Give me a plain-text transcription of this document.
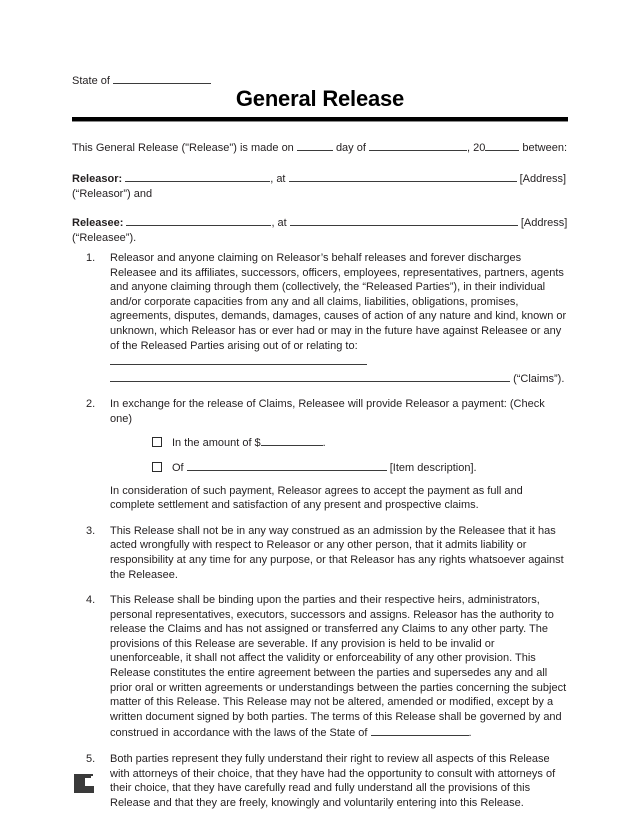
State of
General Release
This General Release ("Release") is made on	day of	, 20	between:
Releasor:	, at	[Address]
(“Releasor”) and
Releasee:	, at	[Address]
(“Releasee”).
1.	Releasor and anyone claiming on Releasor’s behalf releases and forever discharges Releasee and its affiliates, successors, officers, employees, representatives, partners, agents and anyone claiming through them (collectively, the “Released Parties”), in their individual and/or corporate capacities from any and all claims, liabilities, obligations, promises, agreements, disputes, demands, damages, causes of action of any nature and kind, known or unknown, which Releasor has or ever had or may in the future have against Releasee or any of the Released Parties arising out of or relating to:
(“Claims”).
2.	In exchange for the release of Claims, Releasee will provide Releasor a payment: (Check one)
In the amount of $	.
Of	[Item description].
In consideration of such payment, Releasor agrees to accept the payment as full and complete settlement and satisfaction of any present and prospective claims.
3.	This Release shall not be in any way construed as an admission by the Releasee that it has acted wrongfully with respect to Releasor or any other person, that it admits liability or responsibility at any time for any purpose, or that Releasor has any rights whatsoever against the Releasee.
4.	This Release shall be binding upon the parties and their respective heirs, administrators, personal representatives, executors, successors and assigns. Releasor has the authority to release the Claims and has not assigned or transferred any Claims to any other party. The provisions of this Release are severable. If any provision is held to be invalid or unenforceable, it shall not affect the validity or enforceability of any other provision. This Release constitutes the entire agreement between the parties and supersedes any and all prior oral or written agreements or understandings between the parties concerning the subject matter of this Release. This Release may not be altered, amended or modified, except by a written document signed by both parties. The terms of this Release shall be governed by and construed in accordance with the laws of the State of	.
5.	Both parties represent they fully understand their right to review all aspects of this Release with attorneys of their choice, that they have had the opportunity to consult with attorneys of their choice, that they have carefully read and fully understand all the provisions of this Release and that they are freely, knowingly and voluntarily entering into this Release.
